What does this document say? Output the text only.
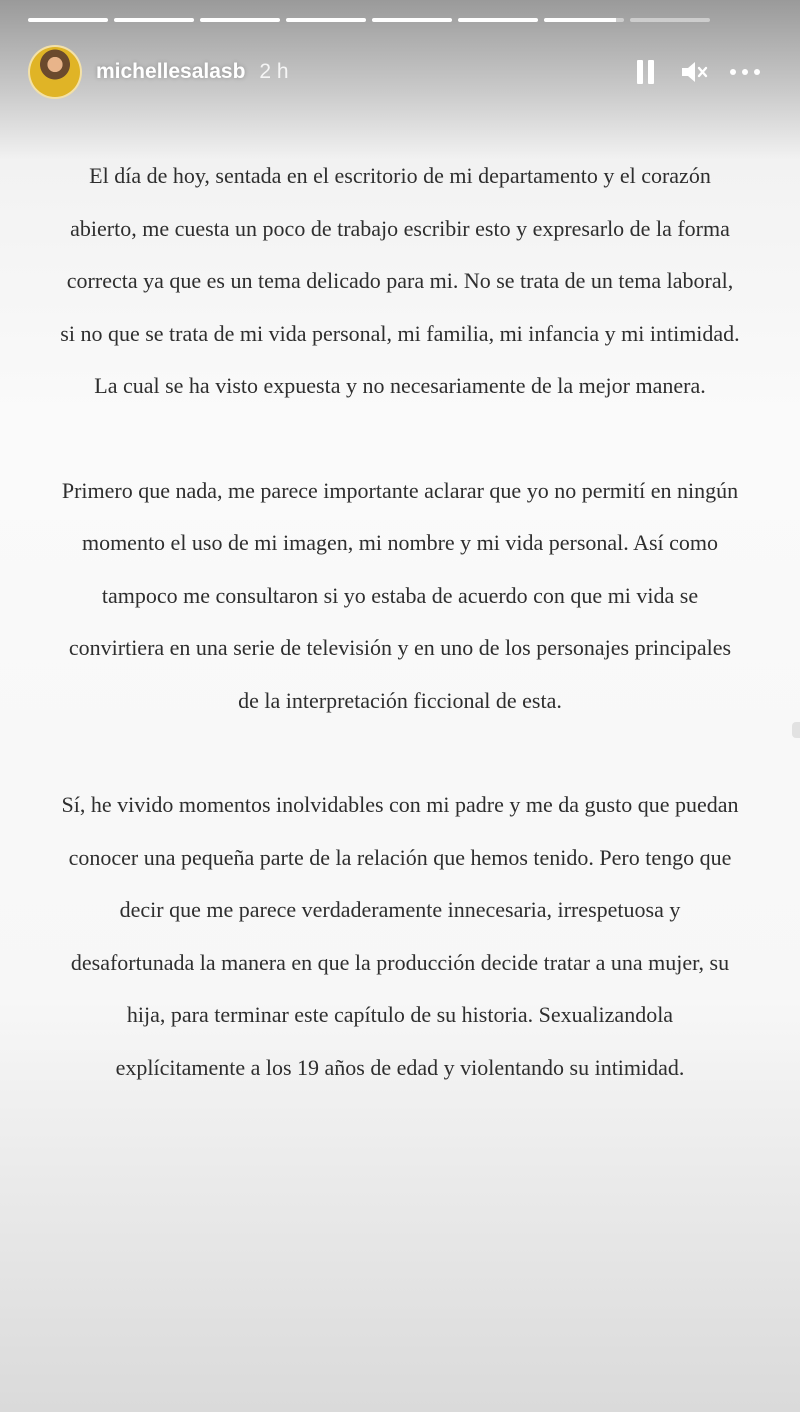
michellesalasb 2 h

El día de hoy, sentada en el escritorio de mi departamento y el corazón abierto, me cuesta un poco de trabajo escribir esto y expresarlo de la forma correcta ya que es un tema delicado para mi. No se trata de un tema laboral, si no que se trata de mi vida personal, mi familia, mi infancia y mi intimidad. La cual se ha visto expuesta y no necesariamente de la mejor manera.

Primero que nada, me parece importante aclarar que yo no permití en ningún momento el uso de mi imagen, mi nombre y mi vida personal. Así como tampoco me consultaron si yo estaba de acuerdo con que mi vida se convirtiera en una serie de televisión y en uno de los personajes principales de la interpretación ficcional de esta.

Sí, he vivido momentos inolvidables con mi padre y me da gusto que puedan conocer una pequeña parte de la relación que hemos tenido. Pero tengo que decir que me parece verdaderamente innecesaria, irrespetuosa y desafortunada la manera en que la producción decide tratar a una mujer, su hija, para terminar este capítulo de su historia. Sexualizandola explícitamente a los 19 años de edad y violentando su intimidad.
